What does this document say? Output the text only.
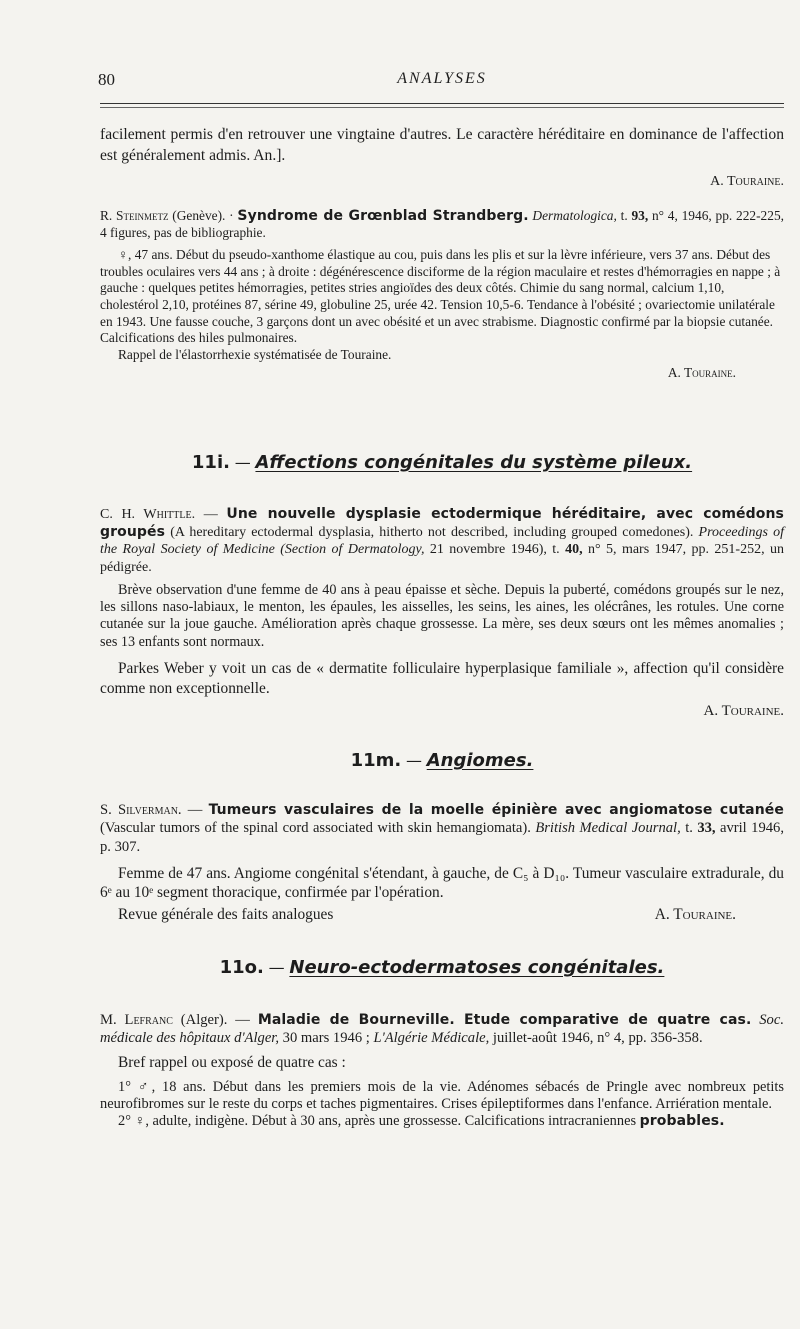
80	ANALYSES

facilement permis d'en retrouver une vingtaine d'autres. Le caractère héréditaire en dominance de l'affection est généralement admis. An.].

A. Touraine.

R. Steinmetz (Genève). · Syndrome de Grœnblad Strandberg. Dermatologica, t. 93, n° 4, 1946, pp. 222-225, 4 figures, pas de bibliographie.

♀, 47 ans. Début du pseudo-xanthome élastique au cou, puis dans les plis et sur la lèvre inférieure, vers 37 ans. Début des troubles oculaires vers 44 ans ; à droite : dégénérescence disciforme de la région maculaire et restes d'hémorragies en nappe ; à gauche : quelques petites hémorragies, petites stries angioïdes des deux côtés. Chimie du sang normal, calcium 1,10, cholestérol 2,10, protéines 87, sérine 49, globuline 25, urée 42. Tension 10,5-6. Tendance à l'obésité ; ovariectomie unilatérale en 1943. Une fausse couche, 3 garçons dont un avec obésité et un avec strabisme. Diagnostic confirmé par la biopsie cutanée. Calcifications des hiles pulmonaires.

Rappel de l'élastorrhexie systématisée de Touraine.

A. Touraine.

11i. — Affections congénitales du système pileux.

C. H. Whittle. — Une nouvelle dysplasie ectodermique héréditaire, avec comédons groupés (A hereditary ectodermal dysplasia, hitherto not described, including grouped comedones). Proceedings of the Royal Society of Medicine (Section of Dermatology, 21 novembre 1946), t. 40, n° 5, mars 1947, pp. 251-252, un pédigrée.

Brève observation d'une femme de 40 ans à peau épaisse et sèche. Depuis la puberté, comédons groupés sur le nez, les sillons naso-labiaux, le menton, les épaules, les aisselles, les seins, les aines, les olécrânes, les rotules. Une corne cutanée sur la joue gauche. Amélioration après chaque grossesse. La mère, ses deux sœurs ont les mêmes anomalies ; ses 13 enfants sont normaux.

Parkes Weber y voit un cas de « dermatite folliculaire hyperplasique familiale », affection qu'il considère comme non exceptionnelle.

A. Touraine.

11m. — Angiomes.

S. Silverman. — Tumeurs vasculaires de la moelle épinière avec angiomatose cutanée (Vascular tumors of the spinal cord associated with skin hemangiomata). British Medical Journal, t. 33, avril 1946, p. 307.

Femme de 47 ans. Angiome congénital s'étendant, à gauche, de C₅ à D₁₀. Tumeur vasculaire extradurale, du 6ᵉ au 10ᵉ segment thoracique, confirmée par l'opération.

Revue générale des faits analogues	A. Touraine.

11o. — Neuro-ectodermatoses congénitales.

M. Lefranc (Alger). — Maladie de Bourneville. Etude comparative de quatre cas. Soc. médicale des hôpitaux d'Alger, 30 mars 1946 ; L'Algérie Médicale, juillet-août 1946, n° 4, pp. 356-358.

Bref rappel ou exposé de quatre cas :

1° ♂, 18 ans. Début dans les premiers mois de la vie. Adénomes sébacés de Pringle avec nombreux petits neurofibromes sur le reste du corps et taches pigmentaires. Crises épileptiformes dans l'enfance. Arriération mentale.

2° ♀, adulte, indigène. Début à 30 ans, après une grossesse. Calcifications intracraniennes probables.
